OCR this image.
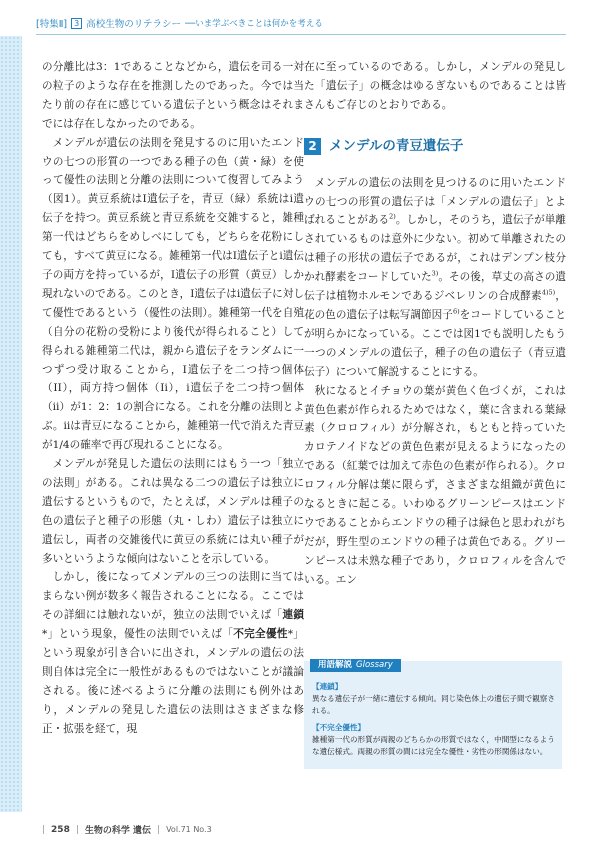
[特集Ⅱ] 3 高校生物のリテラシー ──いま学ぶべきことは何かを考える

の分離比は3：1であることなどから，遺伝を司る一対の粒子のような存在を推測したのであった。今では当たり前の存在に感じている遺伝子という概念はそれまでには存在しなかったのである。

メンデルが遺伝の法則を発見するのに用いたエンドウの七つの形質の一つである種子の色（黄・緑）を使って優性の法則と分離の法則について復習してみよう（図1）。黄豆系統はI遺伝子を，青豆（緑）系統はi遺伝子を持つ。黄豆系統と青豆系統を交雑すると，雑種第一代はどちらをめしべにしても，どちらを花粉にしても，すべて黄豆になる。雑種第一代はI遺伝子とi遺伝子の両方を持っているが，I遺伝子の形質（黄豆）しか現れないのである。このとき，I遺伝子はi遺伝子に対して優性であるという（優性の法則）。雑種第一代を自殖（自分の花粉の受粉により後代が得られること）して得られる雑種第二代は，親から遺伝子をランダムに一つずつ受け取ることから，I遺伝子を二つ持つ個体（II），両方持つ個体（Ii），i遺伝子を二つ持つ個体（ii）が1：2：1の割合になる。これを分離の法則とよぶ。iiは青豆になることから，雑種第一代で消えた青豆が1/4の確率で再び現れることになる。

メンデルが発見した遺伝の法則にはもう一つ「独立の法則」がある。これは異なる二つの遺伝子は独立に遺伝するというもので，たとえば，メンデルは種子の色の遺伝子と種子の形態（丸・しわ）遺伝子は独立に遺伝し，両者の交雑後代に黄豆の系統には丸い種子が多いというような傾向はないことを示している。

しかし，後になってメンデルの三つの法則に当てはまらない例が数多く報告されることになる。ここではその詳細には触れないが，独立の法則でいえば「連鎖*」という現象，優性の法則でいえば「不完全優性*」という現象が引き合いに出され，メンデルの遺伝の法則自体は完全に一般性があるものではないことが議論される。後に述べるように分離の法則にも例外はあり，メンデルの発見した遺伝の法則はさまざまな修正・拡張を経て，現

在に至っているのである。しかし，メンデルの発見した「遺伝子」の概念はゆるぎないものであることは皆さんもご存じのとおりである。

2 メンデルの青豆遺伝子

メンデルの遺伝の法則を見つけるのに用いたエンドウの七つの形質の遺伝子は「メンデルの遺伝子」とよばれることがある$^{2)}$。しかし，そのうち，遺伝子が単離されているものは意外に少ない。初めて単離されたのは種子の形状の遺伝子であるが，これはデンプン枝分かれ酵素をコードしていた$^{3)}$。その後，草丈の高さの遺伝子は植物ホルモンであるジベレリンの合成酵素$^{4)5)}$，花の色の遺伝子は転写調節因子$^{6)}$をコードしていることが明らかになっている。ここでは図1でも説明したもう一つのメンデルの遺伝子，種子の色の遺伝子（青豆遺伝子）について解説することにする。

秋になるとイチョウの葉が黄色く色づくが，これは黄色色素が作られるためではなく，葉に含まれる葉緑素（クロロフィル）が分解され，もともと持っていたカロテノイドなどの黄色色素が見えるようになったのである（紅葉では加えて赤色の色素が作られる）。クロロフィル分解は葉に限らず，さまざまな組織が黄色になるときに起こる。いわゆるグリーンピースはエンドウであることからエンドウの種子は緑色と思われがちだが，野生型のエンドウの種子は黄色である。グリーンピースは未熟な種子であり，クロロフィルを含んでいる。エン

用語解説 Glossary
【連鎖】
異なる遺伝子が一緒に遺伝する傾向。同じ染色体上の遺伝子間で観察される。
【不完全優性】
雑種第一代の形質が両親のどちらかの形質ではなく，中間型になるような遺伝様式。両親の形質の間には完全な優性・劣性の形関係はない。
| 258 | 生物の科学 遺伝 | Vol.71 No.3
